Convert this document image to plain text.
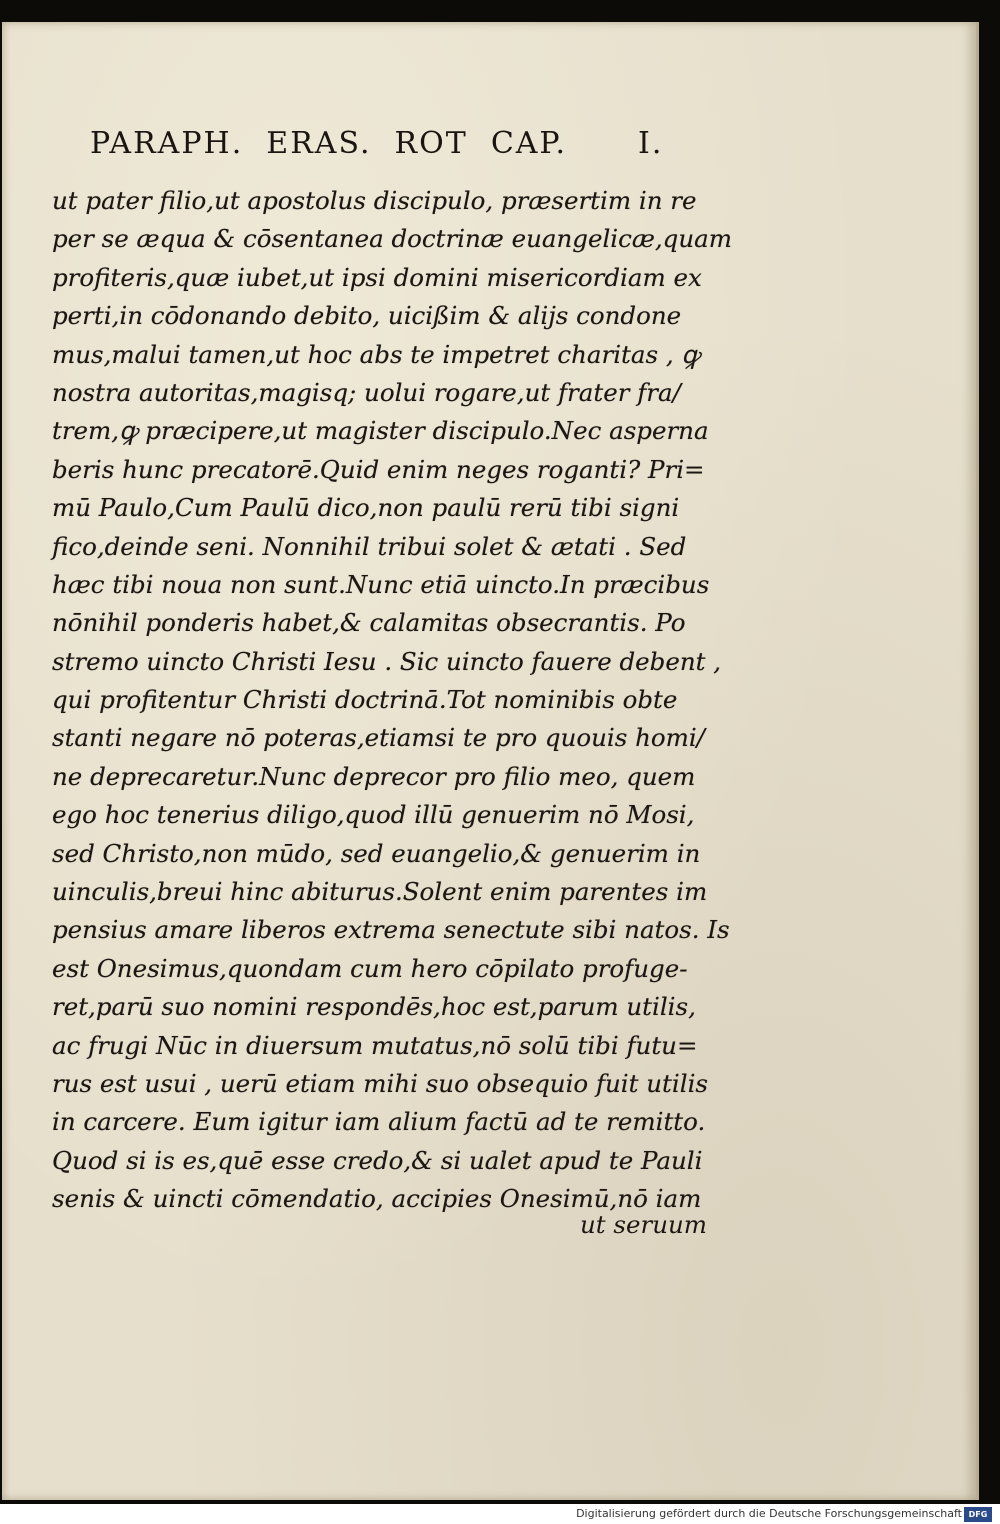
PARAPH.  ERAS.  ROT  CAP. I.
ut pater filio,ut apostolus discipulo, præsertim in re
per se æqua & cōsentanea doctrinæ euangelicæ,quam
profiteris,quæ iubet,ut ipsi domini misericordiam ex
perti,in cōdonando debito, uicißim & alijs condone
mus,malui tamen,ut hoc abs te impetret charitas , ꝙ
nostra autoritas,magisq; uolui rogare,ut frater fra/
trem,ꝙ præcipere,ut magister discipulo.Nec asperna
beris hunc precatorē.Quid enim neges roganti? Pri=
mū Paulo,Cum Paulū dico,non paulū rerū tibi signi
fico,deinde seni. Nonnihil tribui solet & ætati . Sed
hæc tibi noua non sunt.Nunc etiā uincto.In præcibus
nōnihil ponderis habet,& calamitas obsecrantis. Po
stremo uincto Christi Iesu . Sic uincto fauere debent ,
qui profitentur Christi doctrinā.Tot nominibis obte
stanti negare nō poteras,etiamsi te pro quouis homi/
ne deprecaretur.Nunc deprecor pro filio meo, quem
ego hoc tenerius diligo,quod illū genuerim nō Mosi,
sed Christo,non mūdo, sed euangelio,& genuerim in
uinculis,breui hinc abiturus.Solent enim parentes im
pensius amare liberos extrema senectute sibi natos. Is
est Onesimus,quondam cum hero cōpilato profuge-
ret,parū suo nomini respondēs,hoc est,parum utilis,
ac frugi Nūc in diuersum mutatus,nō solū tibi futu=
rus est usui , uerū etiam mihi suo obsequio fuit utilis
in carcere. Eum igitur iam alium factū ad te remitto.
Quod si is es,quē esse credo,& si ualet apud te Pauli
senis & uincti cōmendatio, accipies Onesimū,nō iam
ut seruum
Digitalisierung gefördert durch die Deutsche Forschungsgemeinschaft DFG
